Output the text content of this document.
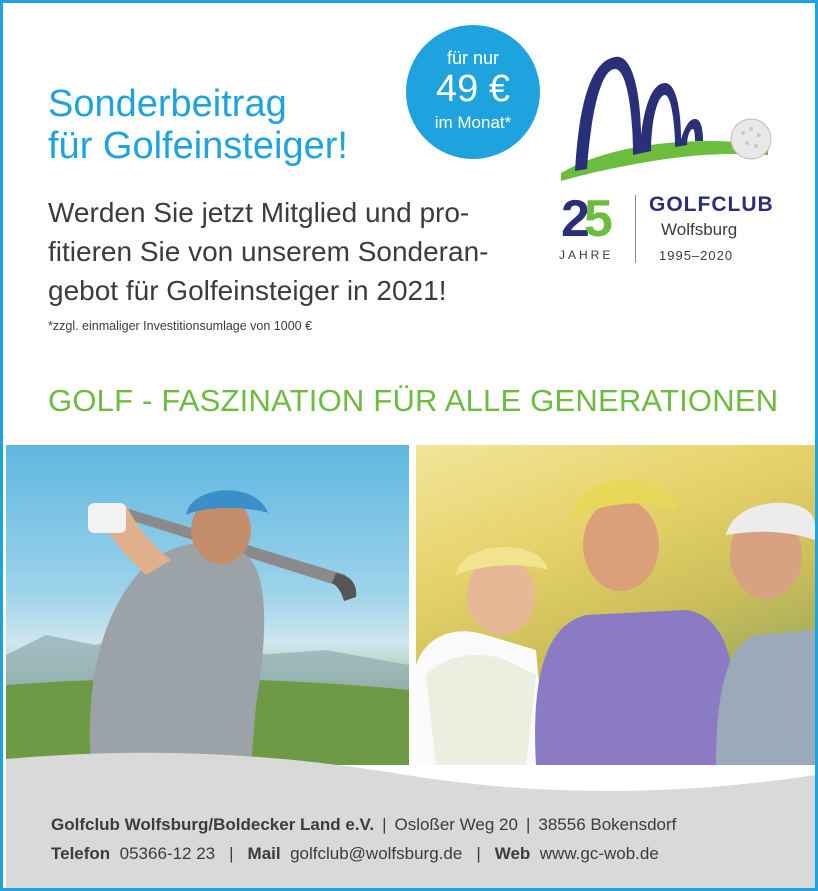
Sonderbeitrag
für Golfeinsteiger!
für nur
49 €
im Monat*
25
JAHRE
GOLFCLUB
Wolfsburg
1995–2020
Werden Sie jetzt Mitglied und pro-
fitieren Sie von unserem Sonderan-
gebot für Golfeinsteiger in 2021!
*zzgl. einmaliger Investitionsumlage von 1000 €
GOLF - FASZINATION FÜR ALLE GENERATIONEN
Golfclub Wolfsburg/Boldecker Land e.V. | Osloßer Weg 20 | 38556 Bokensdorf
Telefon 05366-12 23 | Mail golfclub@wolfsburg.de | Web www.gc-wob.de
